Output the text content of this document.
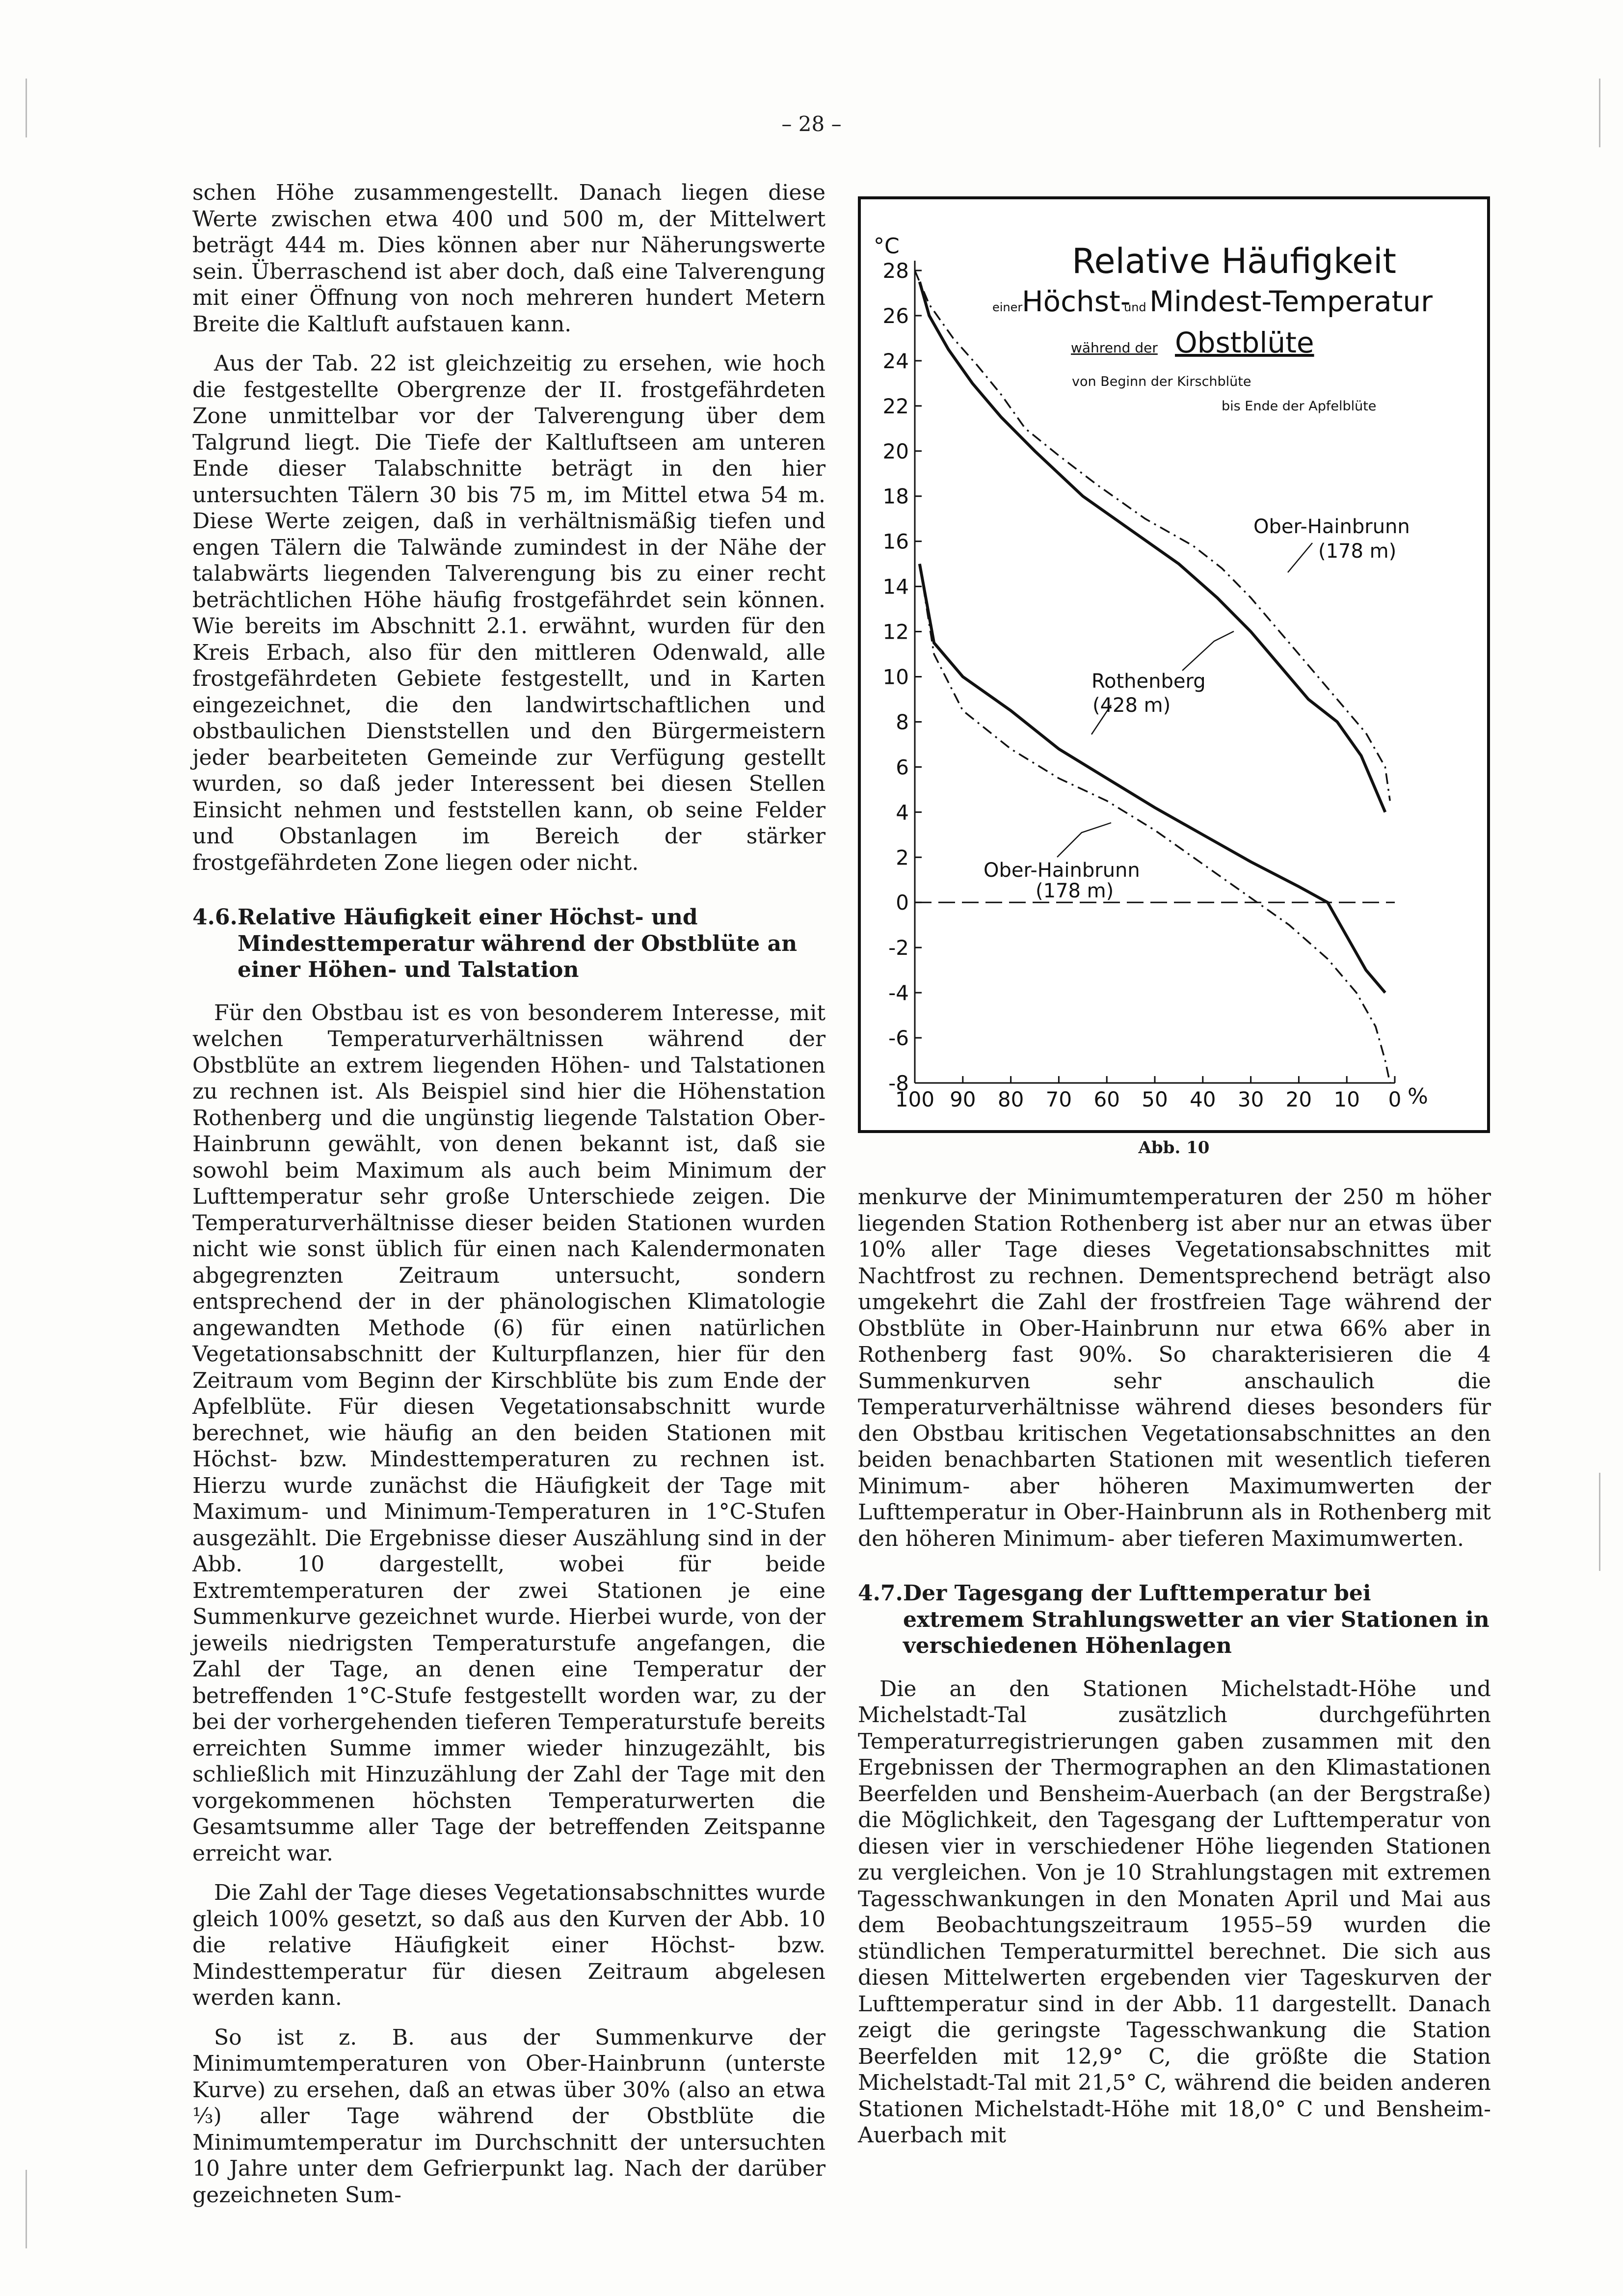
– 28 –

schen Höhe zusammengestellt. Danach liegen diese Werte zwischen etwa 400 und 500 m, der Mittelwert beträgt 444 m. Dies können aber nur Näherungswerte sein. Überraschend ist aber doch, daß eine Talverengung mit einer Öffnung von noch mehreren hundert Metern Breite die Kaltluft aufstauen kann.

Aus der Tab. 22 ist gleichzeitig zu ersehen, wie hoch die festgestellte Obergrenze der II. frostgefährdeten Zone unmittelbar vor der Talverengung über dem Talgrund liegt. Die Tiefe der Kaltluftseen am unteren Ende dieser Talabschnitte beträgt in den hier untersuchten Tälern 30 bis 75 m, im Mittel etwa 54 m. Diese Werte zeigen, daß in verhältnismäßig tiefen und engen Tälern die Talwände zumindest in der Nähe der talabwärts liegenden Talverengung bis zu einer recht beträchtlichen Höhe häufig frostgefährdet sein können. Wie bereits im Abschnitt 2.1. erwähnt, wurden für den Kreis Erbach, also für den mittleren Odenwald, alle frostgefährdeten Gebiete festgestellt, und in Karten eingezeichnet, die den landwirtschaftlichen und obstbaulichen Dienststellen und den Bürgermeistern jeder bearbeiteten Gemeinde zur Verfügung gestellt wurden, so daß jeder Interessent bei diesen Stellen Einsicht nehmen und feststellen kann, ob seine Felder und Obstanlagen im Bereich der stärker frostgefährdeten Zone liegen oder nicht.

4.6. Relative Häufigkeit einer Höchst- und Mindesttemperatur während der Obstblüte an einer Höhen- und Talstation

Für den Obstbau ist es von besonderem Interesse, mit welchen Temperaturverhältnissen während der Obstblüte an extrem liegenden Höhen- und Talstationen zu rechnen ist. Als Beispiel sind hier die Höhenstation Rothenberg und die ungünstig liegende Talstation Ober-Hainbrunn gewählt, von denen bekannt ist, daß sie sowohl beim Maximum als auch beim Minimum der Lufttemperatur sehr große Unterschiede zeigen. Die Temperaturverhältnisse dieser beiden Stationen wurden nicht wie sonst üblich für einen nach Kalendermonaten abgegrenzten Zeitraum untersucht, sondern entsprechend der in der phänologischen Klimatologie angewandten Methode (6) für einen natürlichen Vegetationsabschnitt der Kulturpflanzen, hier für den Zeitraum vom Beginn der Kirschblüte bis zum Ende der Apfelblüte. Für diesen Vegetationsabschnitt wurde berechnet, wie häufig an den beiden Stationen mit Höchst- bzw. Mindesttemperaturen zu rechnen ist. Hierzu wurde zunächst die Häufigkeit der Tage mit Maximum- und Minimum-Temperaturen in 1°C-Stufen ausgezählt. Die Ergebnisse dieser Auszählung sind in der Abb. 10 dargestellt, wobei für beide Extremtemperaturen der zwei Stationen je eine Summenkurve gezeichnet wurde. Hierbei wurde, von der jeweils niedrigsten Temperaturstufe angefangen, die Zahl der Tage, an denen eine Temperatur der betreffenden 1°C-Stufe festgestellt worden war, zu der bei der vorhergehenden tieferen Temperaturstufe bereits erreichten Summe immer wieder hinzugezählt, bis schließlich mit Hinzuzählung der Zahl der Tage mit den vorgekommenen höchsten Temperaturwerten die Gesamtsumme aller Tage der betreffenden Zeitspanne erreicht war.

Die Zahl der Tage dieses Vegetationsabschnittes wurde gleich 100% gesetzt, so daß aus den Kurven der Abb. 10 die relative Häufigkeit einer Höchst- bzw. Mindesttemperatur für diesen Zeitraum abgelesen werden kann.

So ist z. B. aus der Summenkurve der Minimumtemperaturen von Ober-Hainbrunn (unterste Kurve) zu ersehen, daß an etwas über 30% (also an etwa ⅓) aller Tage während der Obstblüte die Minimumtemperatur im Durchschnitt der untersuchten 10 Jahre unter dem Gefrierpunkt lag. Nach der darüber gezeichneten Sum-

28
26
24
22
20
18
16
14
12
10
8
6
4
2
0
-2
-4
-6
-8
100 90 80 70 60 50 40 30 20 10 0
°C	Relative Häufigkeit
einer
Höchst-
und Mindest-Temperatur
während der Obstblüte
von Beginn der Kirschblüte
bis Ende der Apfelblüte
Ober-Hainbrunn
(178 m)
Rothenberg
(428 m)
Ober-Hainbrunn
(178 m)
%
Abb. 10

menkurve der Minimumtemperaturen der 250 m höher liegenden Station Rothenberg ist aber nur an etwas über 10% aller Tage dieses Vegetationsabschnittes mit Nachtfrost zu rechnen. Dementsprechend beträgt also umgekehrt die Zahl der frostfreien Tage während der Obstblüte in Ober-Hainbrunn nur etwa 66% aber in Rothenberg fast 90%. So charakterisieren die 4 Summenkurven sehr anschaulich die Temperaturverhältnisse während dieses besonders für den Obstbau kritischen Vegetationsabschnittes an den beiden benachbarten Stationen mit wesentlich tieferen Minimum- aber höheren Maximumwerten der Lufttemperatur in Ober-Hainbrunn als in Rothenberg mit den höheren Minimum- aber tieferen Maximumwerten.

4.7. Der Tagesgang der Lufttemperatur bei extremem Strahlungswetter an vier Stationen in verschiedenen Höhenlagen

Die an den Stationen Michelstadt-Höhe und Michelstadt-Tal zusätzlich durchgeführten Temperaturregistrierungen gaben zusammen mit den Ergebnissen der Thermographen an den Klimastationen Beerfelden und Bensheim-Auerbach (an der Bergstraße) die Möglichkeit, den Tagesgang der Lufttemperatur von diesen vier in verschiedener Höhe liegenden Stationen zu vergleichen. Von je 10 Strahlungstagen mit extremen Tagesschwankungen in den Monaten April und Mai aus dem Beobachtungszeitraum 1955–59 wurden die stündlichen Temperaturmittel berechnet. Die sich aus diesen Mittelwerten ergebenden vier Tageskurven der Lufttemperatur sind in der Abb. 11 dargestellt. Danach zeigt die geringste Tagesschwankung die Station Beerfelden mit 12,9° C, die größte die Station Michelstadt-Tal mit 21,5° C, während die beiden anderen Stationen Michelstadt-Höhe mit 18,0° C und Bensheim-Auerbach mit
